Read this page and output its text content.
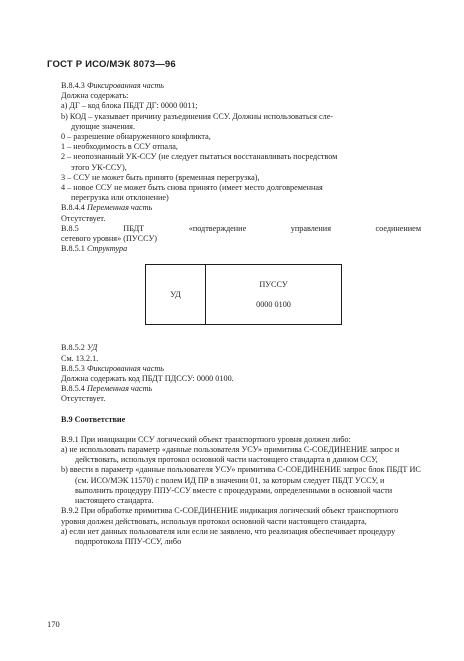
ГОСТ Р ИСО/МЭК 8073—96

В.8.4.3 Фиксированная часть

Должна содержать:

а) ДГ – код блока ПБДТ ДГ: 0000 0011;

b) КОД – указывает причину разъединения ССУ. Должны использоваться сле-

дующие значения.

0 – разрешение обнаруженного конфликта,

1 – необходимость в ССУ отпала,

2 – неопознанный УК-ССУ (не следует пытаться восстанавливать посредством

этого УК-ССУ),

3 – ССУ не может быть принято (временная перегрузка),

4 – новое ССУ не может быть снова принято (имеет место долговременная

перегрузка или отклонение)

В.8.4.4 Переменная часть

Отсутствует.

В.8.5 ПБДТ «подтверждение управления соединением

сетевого уровня» (ПУССУ)

В.8.5.1 Структура

УД
ПУССУ
0000 0100

В.8.5.2 УД

См. 13.2.1.

В.8.5.3 Фиксированная часть

Должна содержать код ПБДТ ПДССУ: 0000 0100.

В.8.5.4 Переменная часть

Отсутствует.

В.9 Соответствие

В.9.1 При инициации ССУ логический объект транспортного уровня должен либо:

а) не использовать параметр «данные пользователя УСУ» примитива С-СОЕДИНЕНИЕ запрос и действовать, используя протокол основной части настоящего стандарта в данном ССУ,

b) ввести в параметр «данные пользователя УСУ» примитива С-СОЕДИНЕНИЕ запрос блок ПБДТ ИС (см. ИСО/МЭК 11570) с полем ИД ПР в значении 01, за которым следует ПБДТ УССУ, и выполнить процедуру ППУ-ССУ вместе с процедурами, определенными в основной части настоящего стандарта.

В.9.2 При обработке примитива С-СОЕДИНЕНИЕ индикация логический объект транспортного уровня должен действовать, используя протокол основной части настоящего стандарта,

а) если нет данных пользователя или если не заявлено, что реализация обеспечивает процедуру подпротокола ППУ-ССУ, либо

170
